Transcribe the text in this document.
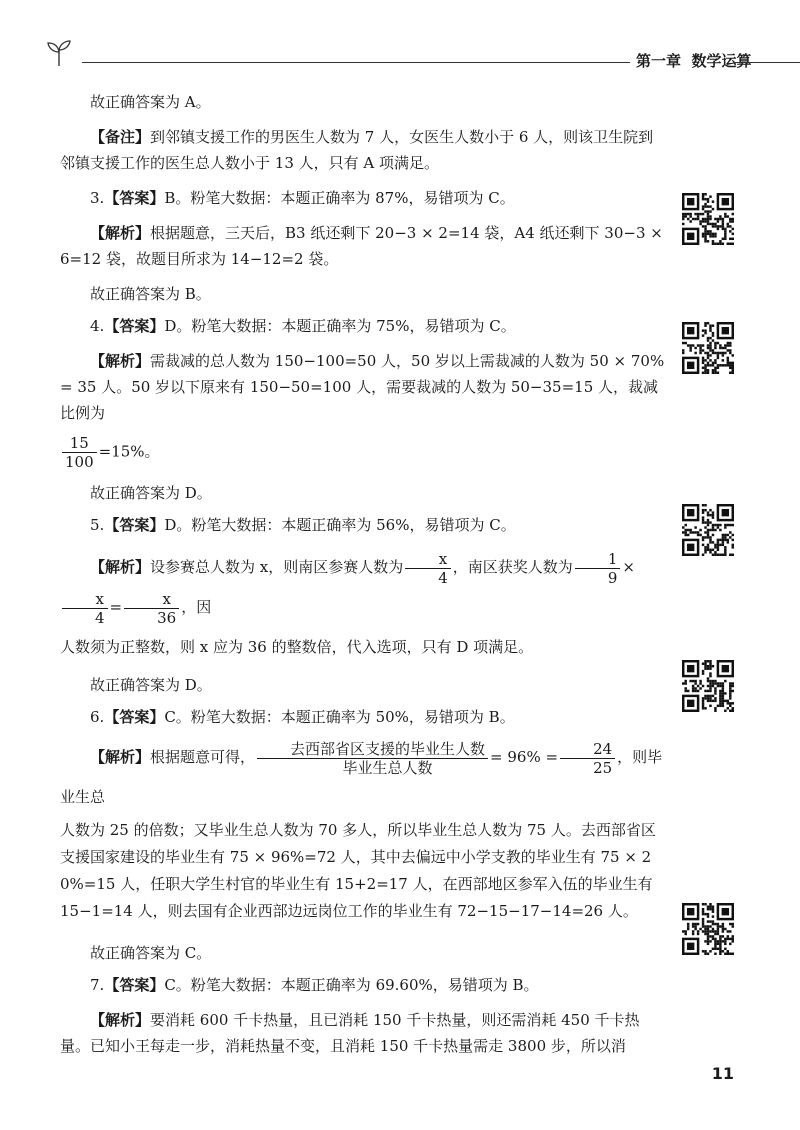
第一章 数学运算

故正确答案为 A。

【备注】到邻镇支援工作的男医生人数为 7 人，女医生人数小于 6 人，则该卫生院到邻镇支援工作的医生总人数小于 13 人，只有 A 项满足。

3.【答案】B。粉笔大数据：本题正确率为 87%，易错项为 C。

【解析】根据题意，三天后，B3 纸还剩下 20−3 × 2=14 袋，A4 纸还剩下 30−3 × 6=12 袋，故题目所求为 14−12=2 袋。

故正确答案为 B。

4.【答案】D。粉笔大数据：本题正确率为 75%，易错项为 C。

【解析】需裁减的总人数为 150−100=50 人，50 岁以上需裁减的人数为 50 × 70%= 35 人。50 岁以下原来有 150−50=100 人，需要裁减的人数为 50−35=15 人，裁减比例为

$\frac{15}{100} =15\%$。

故正确答案为 D。

5.【答案】D。粉笔大数据：本题正确率为 56%，易错项为 C。

【解析】设参赛总人数为 x，则南区参赛人数为 $\frac{x}{4}$ ，南区获奖人数为 $\frac{1}{9}$ ×
$\frac{x}{4} = \frac{x}{36}$ ，因
人数须为正整数，则 x 应为 36 的整数倍，代入选项，只有 D 项满足。

故正确答案为 D。

6.【答案】C。粉笔大数据：本题正确率为 50%，易错项为 B。

【解析】根据题意可得， $\frac{\text{去西部省区支援的毕业生人数}}{\text{毕业生总人数}} = 96\% = \frac{24}{25}$ ，则毕业生总
人数为 25 的倍数；又毕业生总人数为 70 多人，所以毕业生总人数为 75 人。去西部省区支援国家建设的毕业生有 75 × 96%=72 人，其中去偏远中小学支教的毕业生有 75 × 20%=15 人，任职大学生村官的毕业生有 15+2=17 人，在西部地区参军入伍的毕业生有 15−1=14 人，则去国有企业西部边远岗位工作的毕业生有 72−15−17−14=26 人。

故正确答案为 C。

7.【答案】C。粉笔大数据：本题正确率为 69.60%，易错项为 B。

【解析】要消耗 600 千卡热量，且已消耗 150 千卡热量，则还需消耗 450 千卡热量。已知小王每走一步，消耗热量不变，且消耗 150 千卡热量需走 3800 步，所以消

11
